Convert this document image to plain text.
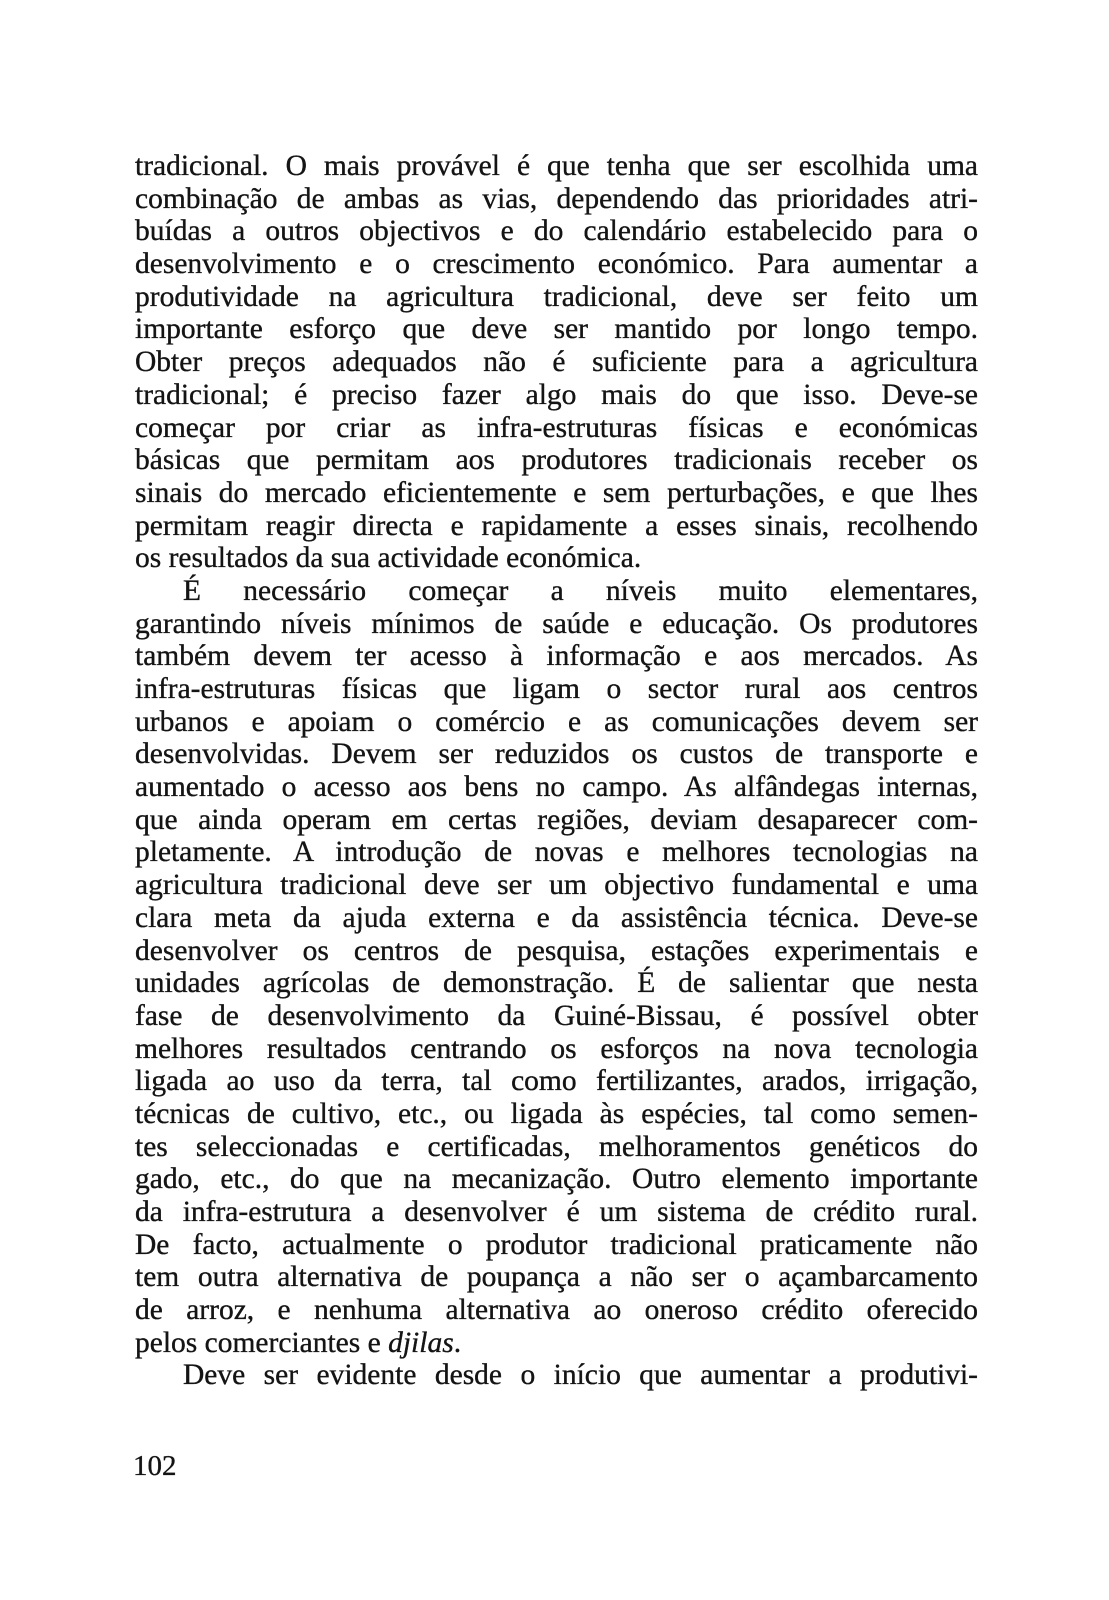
tradicional. O mais provável é que tenha que ser escolhida uma
combinação de ambas as vias, dependendo das prioridades atri-
buídas a outros objectivos e do calendário estabelecido para o
desenvolvimento e o crescimento económico. Para aumentar a
produtividade na agricultura tradicional, deve ser feito um
importante esforço que deve ser mantido por longo tempo.
Obter preços adequados não é suficiente para a agricultura
tradicional; é preciso fazer algo mais do que isso. Deve-se
começar por criar as infra-estruturas físicas e económicas
básicas que permitam aos produtores tradicionais receber os
sinais do mercado eficientemente e sem perturbações, e que lhes
permitam reagir directa e rapidamente a esses sinais, recolhendo
os resultados da sua actividade económica.
É necessário começar a níveis muito elementares,
garantindo níveis mínimos de saúde e educação. Os produtores
também devem ter acesso à informação e aos mercados. As
infra-estruturas físicas que ligam o sector rural aos centros
urbanos e apoiam o comércio e as comunicações devem ser
desenvolvidas. Devem ser reduzidos os custos de transporte e
aumentado o acesso aos bens no campo. As alfândegas internas,
que ainda operam em certas regiões, deviam desaparecer com-
pletamente. A introdução de novas e melhores tecnologias na
agricultura tradicional deve ser um objectivo fundamental e uma
clara meta da ajuda externa e da assistência técnica. Deve-se
desenvolver os centros de pesquisa, estações experimentais e
unidades agrícolas de demonstração. É de salientar que nesta
fase de desenvolvimento da Guiné-Bissau, é possível obter
melhores resultados centrando os esforços na nova tecnologia
ligada ao uso da terra, tal como fertilizantes, arados, irrigação,
técnicas de cultivo, etc., ou ligada às espécies, tal como semen-
tes seleccionadas e certificadas, melhoramentos genéticos do
gado, etc., do que na mecanização. Outro elemento importante
da infra-estrutura a desenvolver é um sistema de crédito rural.
De facto, actualmente o produtor tradicional praticamente não
tem outra alternativa de poupança a não ser o açambarcamento
de arroz, e nenhuma alternativa ao oneroso crédito oferecido
pelos comerciantes e djilas.
Deve ser evidente desde o início que aumentar a produtivi-
102
